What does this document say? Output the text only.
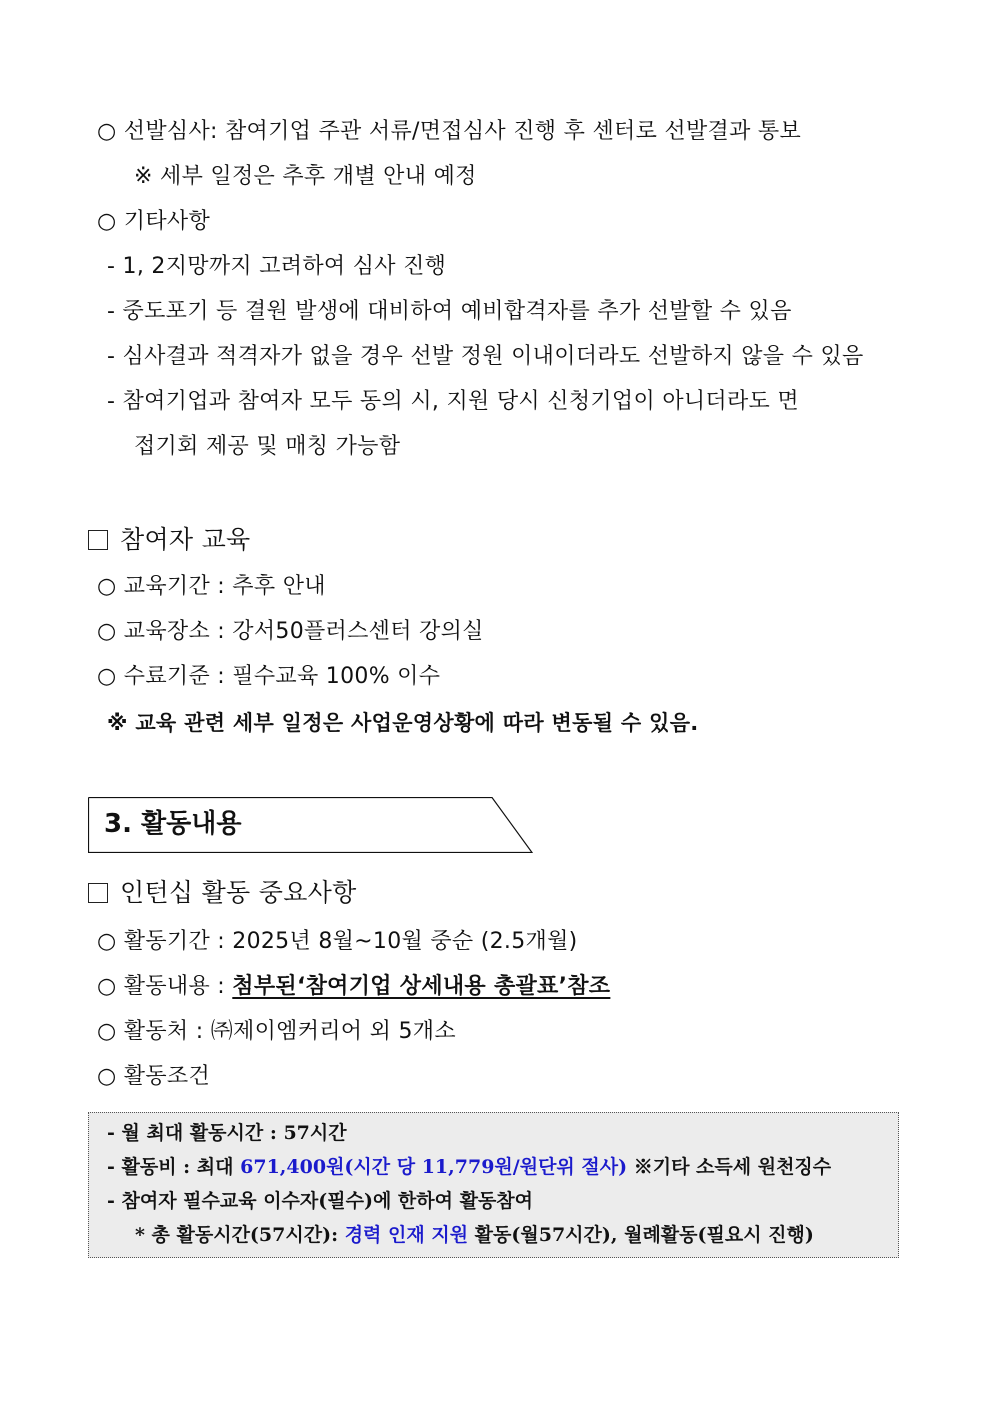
○ 선발심사: 참여기업 주관 서류/면접심사 진행 후 센터로 선발결과 통보
※ 세부 일정은 추후 개별 안내 예정
○ 기타사항
- 1, 2지망까지 고려하여 심사 진행
- 중도포기 등 결원 발생에 대비하여 예비합격자를 추가 선발할 수 있음
- 심사결과 적격자가 없을 경우 선발 정원 이내이더라도 선발하지 않을 수 있음
- 참여기업과 참여자 모두 동의 시, 지원 당시 신청기업이 아니더라도 면
접기회 제공 및 매칭 가능함
참여자 교육
○ 교육기간 : 추후 안내
○ 교육장소 : 강서50플러스센터 강의실
○ 수료기준 : 필수교육 100% 이수
※ 교육 관련 세부 일정은 사업운영상황에 따라 변동될 수 있음.
3. 활동내용
인턴십 활동 중요사항
○ 활동기간 : 2025년 8월~10월 중순 (2.5개월)
○ 활동내용 : 첨부된‘참여기업 상세내용 총괄표’참조
○ 활동처 : ㈜제이엠커리어 외 5개소
○ 활동조건
- 월 최대 활동시간 : 57시간
- 활동비 : 최대 671,400원(시간 당 11,779원/원단위 절사) ※기타 소득세 원천징수
- 참여자 필수교육 이수자(필수)에 한하여 활동참여
* 총 활동시간(57시간): 경력 인재 지원 활동(월57시간), 월례활동(필요시 진행)
